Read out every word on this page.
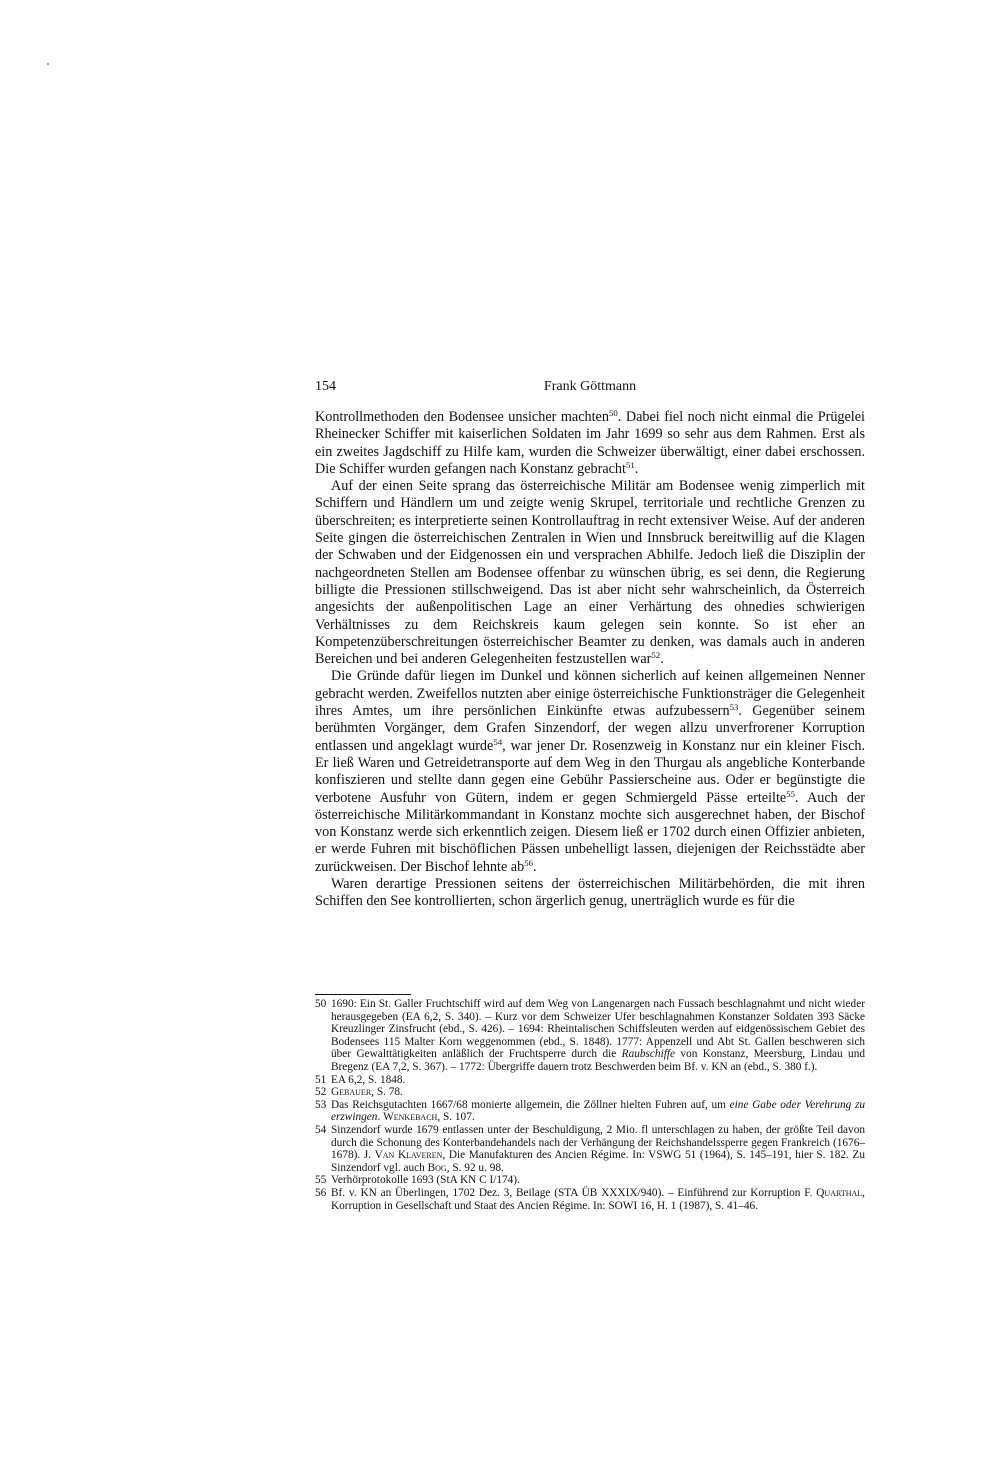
154	Frank Göttmann

Kontrollmethoden den Bodensee unsicher machten$^{50}$. Dabei fiel noch nicht einmal die Prügelei Rheinecker Schiffer mit kaiserlichen Soldaten im Jahr 1699 so sehr aus dem Rahmen. Erst als ein zweites Jagdschiff zu Hilfe kam, wurden die Schweizer überwältigt, einer dabei erschossen. Die Schiffer wurden gefangen nach Konstanz gebracht$^{51}$.

Auf der einen Seite sprang das österreichische Militär am Bodensee wenig zimperlich mit Schiffern und Händlern um und zeigte wenig Skrupel, territoriale und rechtliche Grenzen zu überschreiten; es interpretierte seinen Kontrollauftrag in recht extensiver Weise. Auf der anderen Seite gingen die österreichischen Zentralen in Wien und Innsbruck bereitwillig auf die Klagen der Schwaben und der Eidgenossen ein und versprachen Abhilfe. Jedoch ließ die Disziplin der nachgeordneten Stellen am Bodensee offenbar zu wünschen übrig, es sei denn, die Regierung billigte die Pressionen stillschweigend. Das ist aber nicht sehr wahrscheinlich, da Österreich angesichts der außenpolitischen Lage an einer Verhärtung des ohnedies schwierigen Verhältnisses zu dem Reichskreis kaum gelegen sein konnte. So ist eher an Kompetenzüberschreitungen österreichischer Beamter zu denken, was damals auch in anderen Bereichen und bei anderen Gelegenheiten festzustellen war$^{52}$.

Die Gründe dafür liegen im Dunkel und können sicherlich auf keinen allgemeinen Nenner gebracht werden. Zweifellos nutzten aber einige österreichische Funktionsträger die Gelegenheit ihres Amtes, um ihre persönlichen Einkünfte etwas aufzubessern$^{53}$. Gegenüber seinem berühmten Vorgänger, dem Grafen Sinzendorf, der wegen allzu unverfrorener Korruption entlassen und angeklagt wurde$^{54}$, war jener Dr. Rosenzweig in Konstanz nur ein kleiner Fisch. Er ließ Waren und Getreidetransporte auf dem Weg in den Thurgau als angebliche Konterbande konfiszieren und stellte dann gegen eine Gebühr Passierscheine aus. Oder er begünstigte die verbotene Ausfuhr von Gütern, indem er gegen Schmiergeld Pässe erteilte$^{55}$. Auch der österreichische Militärkommandant in Konstanz mochte sich ausgerechnet haben, der Bischof von Konstanz werde sich erkenntlich zeigen. Diesem ließ er 1702 durch einen Offizier anbieten, er werde Fuhren mit bischöflichen Pässen unbehelligt lassen, diejenigen der Reichsstädte aber zurückweisen. Der Bischof lehnte $ab^{56}$.

Waren derartige Pressionen seitens der österreichischen Militärbehörden, die mit ihren Schiffen den See kontrollierten, schon ärgerlich genug, unerträglich wurde es für die

50 1690: Ein St. Galler Fruchtschiff wird auf dem Weg von Langenargen nach Fussach beschlagnahmt und nicht wieder herausgegeben (EA 6,2, S. 340). – Kurz vor dem Schweizer Ufer beschlagnahmen Konstanzer Soldaten 393 Säcke Kreuzlinger Zinsfrucht (ebd., S. 426). – 1694: Rheintalischen Schiffsleuten werden auf eidgenössischem Gebiet des Bodensees 115 Malter Korn weggenommen (ebd., S. 1848). 1777: Appenzell und Abt St. Gallen beschweren sich über Gewalttätigkeiten anläßlich der Fruchtsperre durch die Raubschiffe von Konstanz, Meersburg, Lindau und Bregenz (EA 7,2, S. 367). – 1772: Übergriffe dauern trotz Beschwerden beim Bf. v. KN an (ebd., S. 380 f.).

51 EA 6,2, S. 1848.

52 Gebauer, S. 78.

53 Das Reichsgutachten 1667/68 monierte allgemein, die Zöllner hielten Fuhren auf, um eine Gabe oder Verehrung zu erzwingen. Wenkebach, S. 107.

54 Sinzendorf wurde 1679 entlassen unter der Beschuldigung, 2 Mio. fl unterschlagen zu haben, der größte Teil davon durch die Schonung des Konterbandehandels nach der Verhängung der Reichshandelssperre gegen Frankreich (1676–1678). J. Van Klaveren, Die Manufakturen des Ancien Régime. In: VSWG 51 (1964), S. 145–191, hier S. 182. Zu Sinzendorf vgl. auch Bog, S. 92 u. 98.

55 Verhörprotokolle 1693 (StA KN C I/174).

56 Bf. v. KN an Überlingen, 1702 Dez. 3, Beilage (STA ÜB XXXIX/940). – Einführend zur Korruption F. Quarthal, Korruption in Gesellschaft und Staat des Ancien Régime. In: SOWI 16, H. 1 (1987), S. 41–46.
